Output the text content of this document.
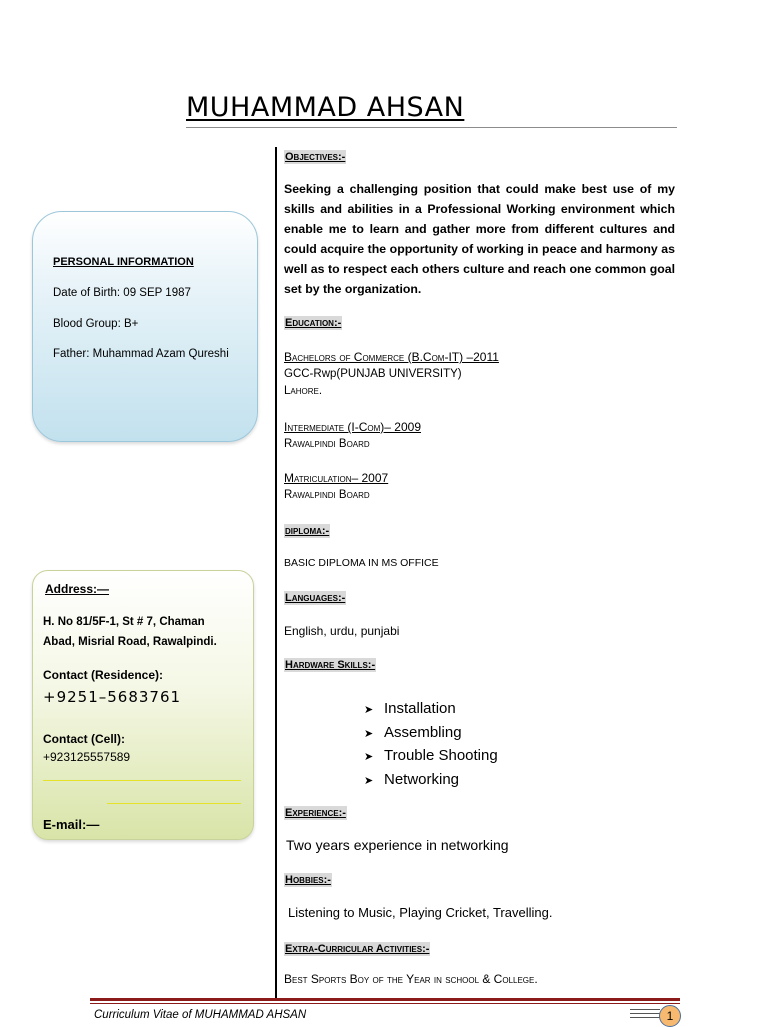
MUHAMMAD AHSAN
PERSONAL INFORMATION
Date of Birth: 09 SEP 1987
Blood Group: B+
Father: Muhammad Azam Qureshi
Address:—
H. No 81/5F-1, St # 7, Chaman
Abad, Misrial Road, Rawalpindi.
Contact (Residence):
+9251–5683761
Contact (Cell):
+923125557589
E-mail:—
Objectives:-
Seeking a challenging position that could make best use of my skills and abilities in a Professional Working environment which enable me to learn and gather more from different cultures and could acquire the opportunity of working in peace and harmony as well as to respect each others culture and reach one common goal set by the organization.
Education:-
Bachelors of Commerce (B.Com-IT) –2011
GCC-Rwp(PUNJAB UNIVERSITY)
Lahore.
Intermediate (I-Com)– 2009
Rawalpindi Board
Matriculation– 2007
Rawalpindi Board
diploma:-
BASIC DIPLOMA IN MS OFFICE
Languages:-
English, urdu, punjabi
Hardware Skills:-
➤ Installation
➤ Assembling
➤ Trouble Shooting
➤ Networking
Experience:-
Two years experience in networking
Hobbies:-
Listening to Music, Playing Cricket, Travelling.
Extra-Curricular Activities:-
Best Sports Boy of the Year in school & College.
Curriculum Vitae of MUHAMMAD AHSAN	1
